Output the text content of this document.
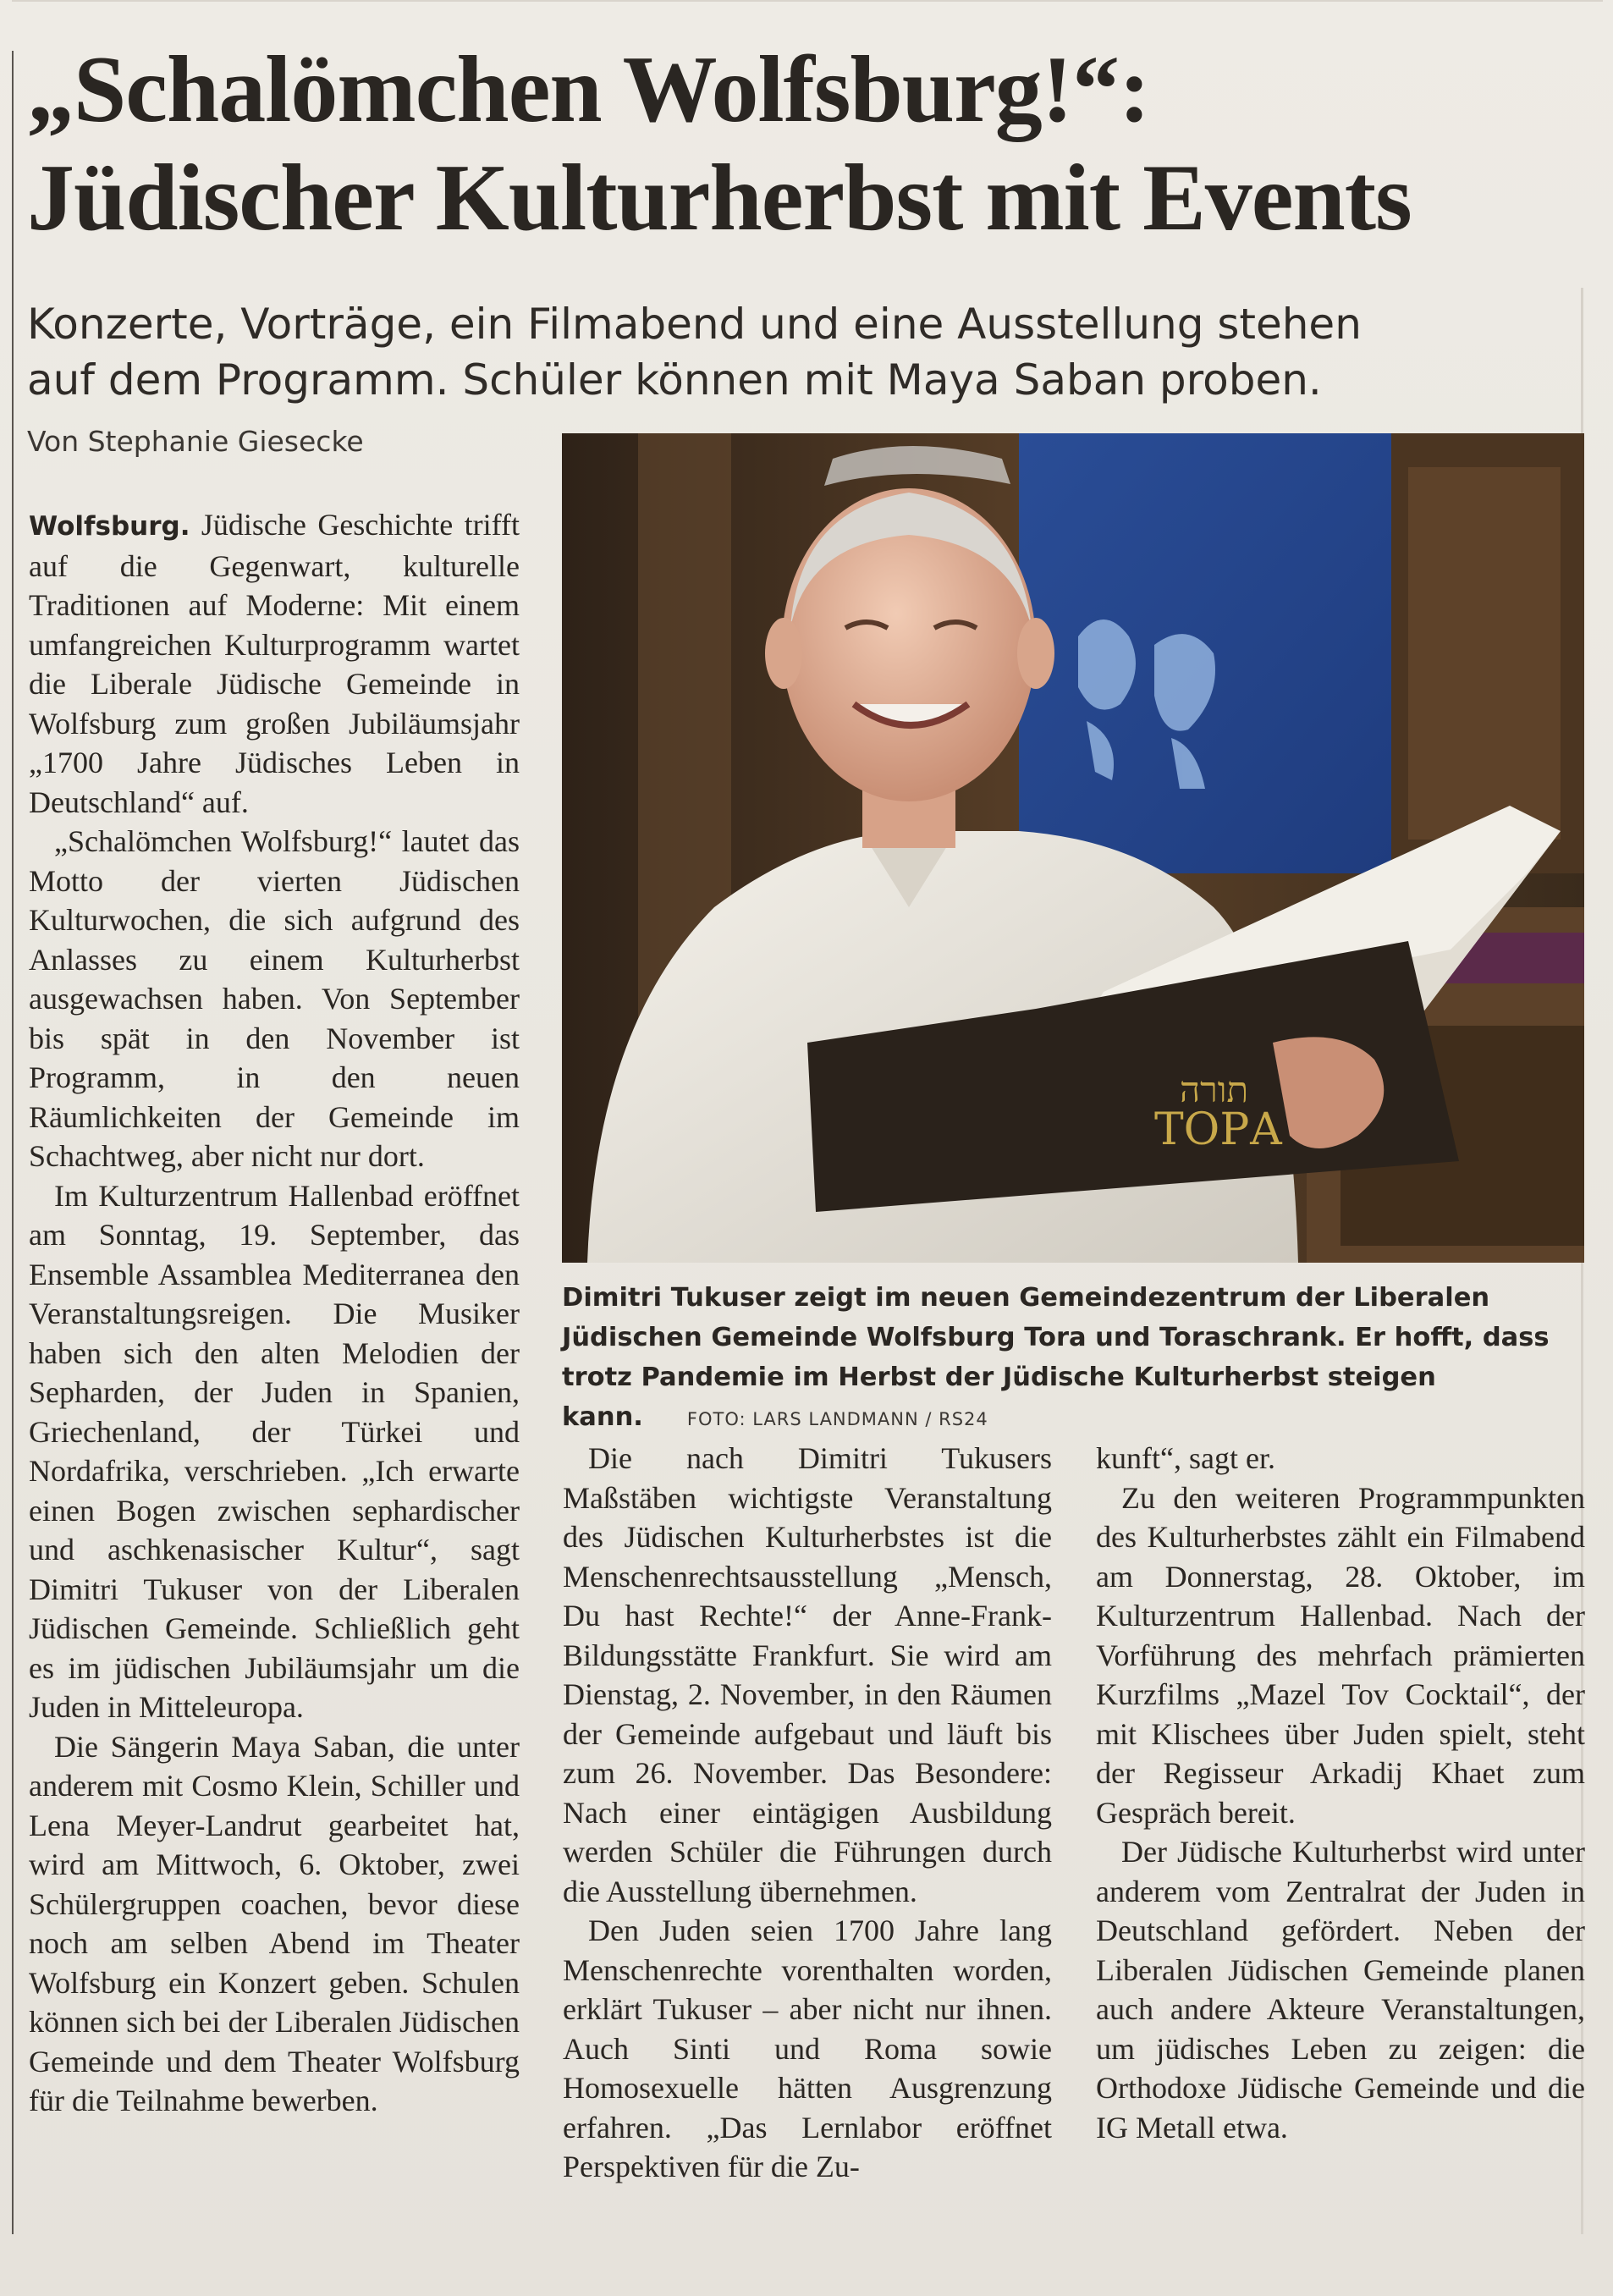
„Schalömchen Wolfsburg!“:
Jüdischer Kulturherbst mit Events
Konzerte, Vorträge, ein Filmabend und eine Ausstellung stehen
auf dem Programm. Schüler können mit Maya Saban proben.
Von Stephanie Giesecke
תורה
ТОРА
Dimitri Tukuser zeigt im neuen Gemeindezentrum der Liberalen Jüdischen Gemeinde Wolfsburg Tora und Toraschrank. Er hofft, dass trotz Pandemie im Herbst der Jüdische Kulturherbst steigen kann. FOTO: LARS LANDMANN / RS24

Wolfsburg. Jüdische Geschichte trifft auf die Gegenwart, kulturelle Traditionen auf Moderne: Mit einem umfangreichen Kulturprogramm wartet die Liberale Jüdische Gemeinde in Wolfsburg zum großen Jubiläumsjahr „1700 Jahre Jüdisches Leben in Deutschland“ auf.

„Schalömchen Wolfsburg!“ lautet das Motto der vierten Jüdischen Kulturwochen, die sich aufgrund des Anlasses zu einem Kulturherbst ausgewachsen haben. Von September bis spät in den November ist Programm, in den neuen Räumlichkeiten der Gemeinde im Schachtweg, aber nicht nur dort.

Im Kulturzentrum Hallenbad eröffnet am Sonntag, 19. September, das Ensemble Assamblea Mediterranea den Veranstaltungsreigen. Die Musiker haben sich den alten Melodien der Sepharden, der Juden in Spanien, Griechenland, der Türkei und Nordafrika, verschrieben. „Ich erwarte einen Bogen zwischen sephardischer und aschkenasischer Kultur“, sagt Dimitri Tukuser von der Liberalen Jüdischen Gemeinde. Schließlich geht es im jüdischen Jubiläumsjahr um die Juden in Mitteleuropa.

Die Sängerin Maya Saban, die unter anderem mit Cosmo Klein, Schiller und Lena Meyer-Landrut gearbeitet hat, wird am Mittwoch, 6. Oktober, zwei Schülergruppen coachen, bevor diese noch am selben Abend im Theater Wolfsburg ein Konzert geben. Schulen können sich bei der Liberalen Jüdischen Gemeinde und dem Theater Wolfsburg für die Teilnahme bewerben.

Die nach Dimitri Tukusers Maßstäben wichtigste Veranstaltung des Jüdischen Kulturherbstes ist die Menschenrechtsausstellung „Mensch, Du hast Rechte!“ der Anne-Frank-Bildungsstätte Frankfurt. Sie wird am Dienstag, 2. November, in den Räumen der Gemeinde aufgebaut und läuft bis zum 26. November. Das Besondere: Nach einer eintägigen Ausbildung werden Schüler die Führungen durch die Ausstellung übernehmen.

Den Juden seien 1700 Jahre lang Menschenrechte vorenthalten worden, erklärt Tukuser – aber nicht nur ihnen. Auch Sinti und Roma sowie Homosexuelle hätten Ausgrenzung erfahren. „Das Lernlabor eröffnet Perspektiven für die Zu-

kunft“, sagt er.

Zu den weiteren Programmpunkten des Kulturherbstes zählt ein Filmabend am Donnerstag, 28. Oktober, im Kulturzentrum Hallenbad. Nach der Vorführung des mehrfach prämierten Kurzfilms „Mazel Tov Cocktail“, der mit Klischees über Juden spielt, steht der Regisseur Arkadij Khaet zum Gespräch bereit.

Der Jüdische Kulturherbst wird unter anderem vom Zentralrat der Juden in Deutschland gefördert. Neben der Liberalen Jüdischen Gemeinde planen auch andere Akteure Veranstaltungen, um jüdisches Leben zu zeigen: die Orthodoxe Jüdische Gemeinde und die IG Metall etwa.
